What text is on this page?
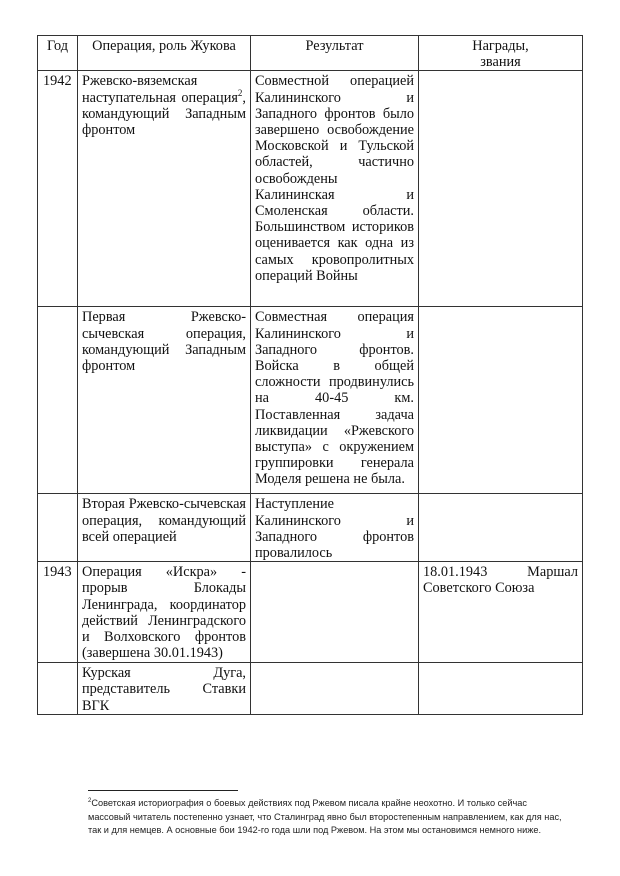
Год	Операция, роль Жукова	Результат	Награды,
звания
1942	Ржевско-вяземская наступательная операция$^2$, командующий Западным фронтом	Совместной операцией Калининского и Западного фронтов было завершено освобождение Московской и Тульской областей, частично освобождены Калининская и Смоленская области. Большинством историков оценивается как одна из самых кровопролитных операций Войны	
	Первая Ржевско-сычевская операция, командующий Западным фронтом	Совместная операция Калининского и Западного фронтов. Войска в общей сложности продвинулись на 40-45 км. Поставленная задача ликвидации «Ржевского выступа» с окружением группировки генерала Моделя решена не была.	
	Вторая Ржевско-сычевская операция, командующий всей операцией	Наступление Калининского и Западного фронтов провалилось	
1943	Операция «Искра» - прорыв Блокады Ленинграда, координатор действий Ленинградского и Волховского фронтов (завершена 30.01.1943)		18.01.1943 Маршал Советского Союза
	Курская Дуга, представитель Ставки ВГК		
$^2$Советская историография о боевых действиях под Ржевом писала крайне неохотно. И только сейчас массовый читатель постепенно узнает, что Сталинград явно был второстепенным направлением, как для нас, так и для немцев. А основные бои 1942-го года шли под Ржевом. На этом мы остановимся немного ниже.
